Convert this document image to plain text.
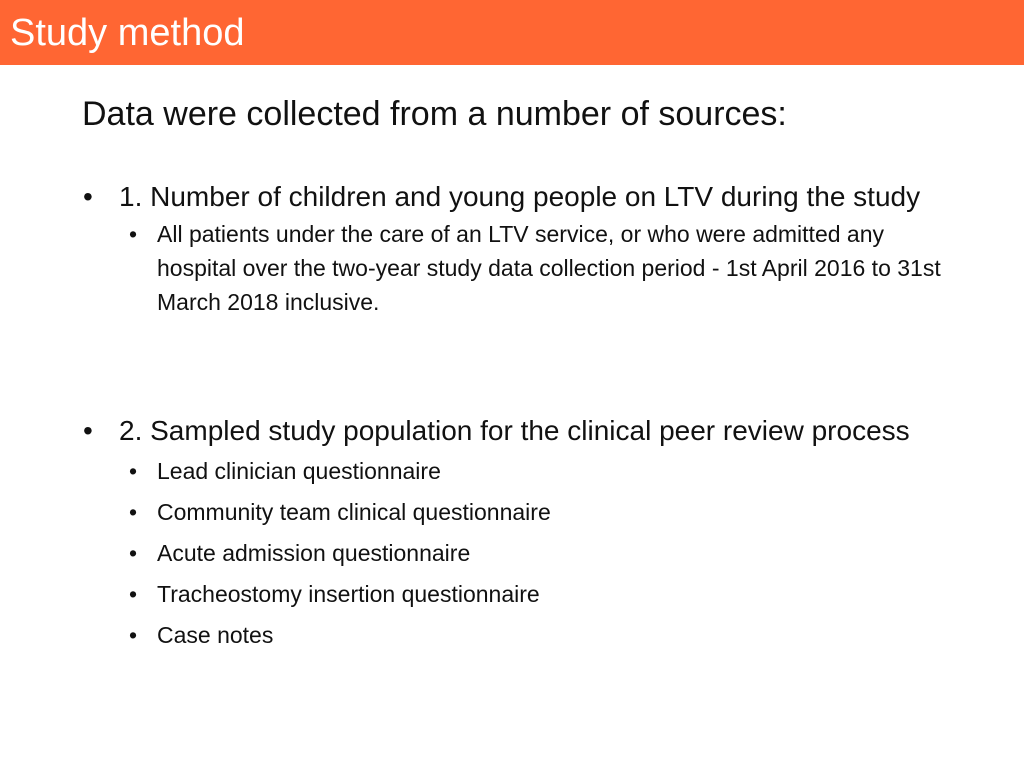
Study method
Data were collected from a number of sources:
• 1. Number of children and young people on LTV during the study
• All patients under the care of an LTV service, or who were admitted any hospital over the two-year study data collection period - 1st April 2016 to 31st March 2018 inclusive.
• 2. Sampled study population for the clinical peer review process
• Lead clinician questionnaire
• Community team clinical questionnaire
• Acute admission questionnaire
• Tracheostomy insertion questionnaire
• Case notes
